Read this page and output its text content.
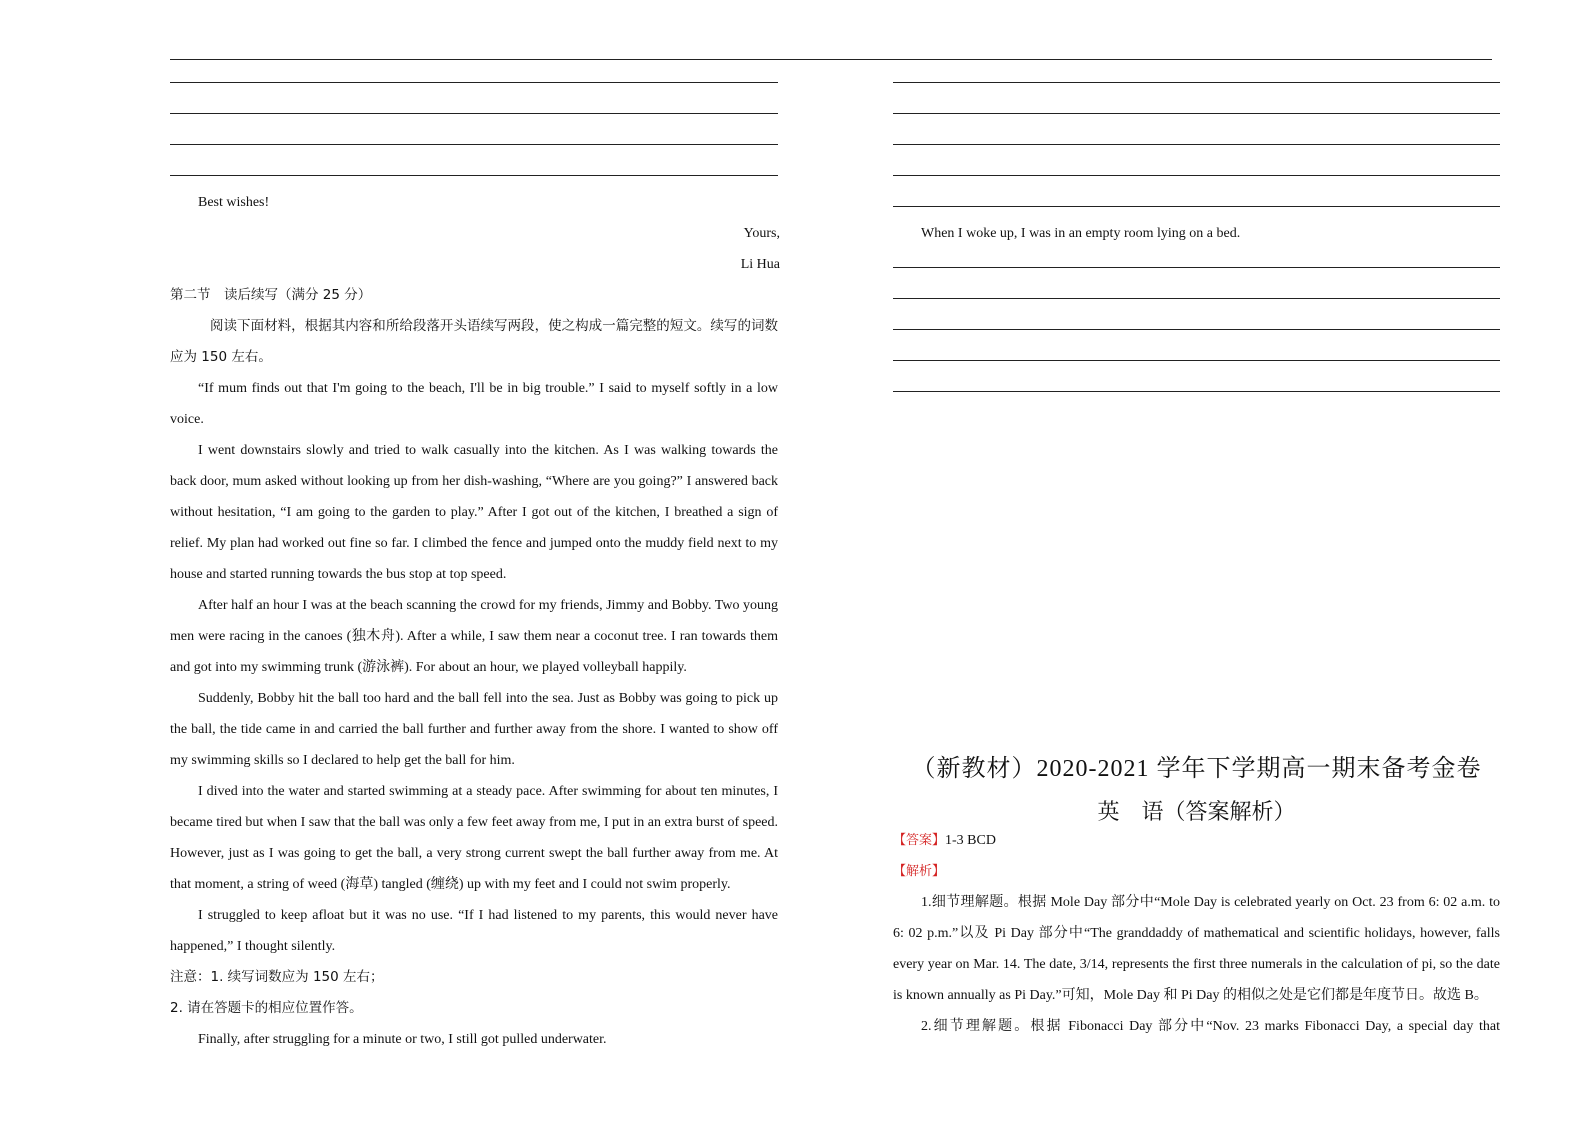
Best wishes!
Yours,
Li Hua

第二节　读后续写（满分 25 分）

阅读下面材料，根据其内容和所给段落开头语续写两段，使之构成一篇完整的短文。续写的词数应为 150 左右。

“If mum finds out that I'm going to the beach, I'll be in big trouble.” I said to myself softly in a low voice.

I went downstairs slowly and tried to walk casually into the kitchen. As I was walking towards the back door, mum asked without looking up from her dish-washing, “Where are you going?” I answered back without hesitation, “I am going to the garden to play.” After I got out of the kitchen, I breathed a sign of relief. My plan had worked out fine so far. I climbed the fence and jumped onto the muddy field next to my house and started running towards the bus stop at top speed.

After half an hour I was at the beach scanning the crowd for my friends, Jimmy and Bobby. Two young men were racing in the canoes (独木舟). After a while, I saw them near a coconut tree. I ran towards them and got into my swimming trunk (游泳裤). For about an hour, we played volleyball happily.

Suddenly, Bobby hit the ball too hard and the ball fell into the sea. Just as Bobby was going to pick up the ball, the tide came in and carried the ball further and further away from the shore. I wanted to show off my swimming skills so I declared to help get the ball for him.

I dived into the water and started swimming at a steady pace. After swimming for about ten minutes, I became tired but when I saw that the ball was only a few feet away from me, I put in an extra burst of speed. However, just as I was going to get the ball, a very strong current swept the ball further away from me. At that moment, a string of weed (海草) tangled (缠绕) up with my feet and I could not swim properly.

I struggled to keep afloat but it was no use. “If I had listened to my parents, this would never have happened,” I thought silently.

注意：1. 续写词数应为 150 左右；

2. 请在答题卡的相应位置作答。

Finally, after struggling for a minute or two, I still got pulled underwater.

When I woke up, I was in an empty room lying on a bed.
（新教材）2020-2021 学年下学期高一期末备考金卷
英　语（答案解析）

【答案】1-3 BCD

【解析】

1.细节理解题。根据 Mole Day 部分中“Mole Day is celebrated yearly on Oct. 23 from 6: 02 a.m. to 6: 02 p.m.”以及 Pi Day 部分中“The granddaddy of mathematical and scientific holidays, however, falls every year on Mar. 14. The date, 3/14, represents the first three numerals in the calculation of pi, so the date is known annually as Pi Day.”可知，Mole Day 和 Pi Day 的相似之处是它们都是年度节日。故选 B。

2.细节理解题。根据 Fibonacci Day 部分中“Nov. 23 marks Fibonacci Day, a special day that
